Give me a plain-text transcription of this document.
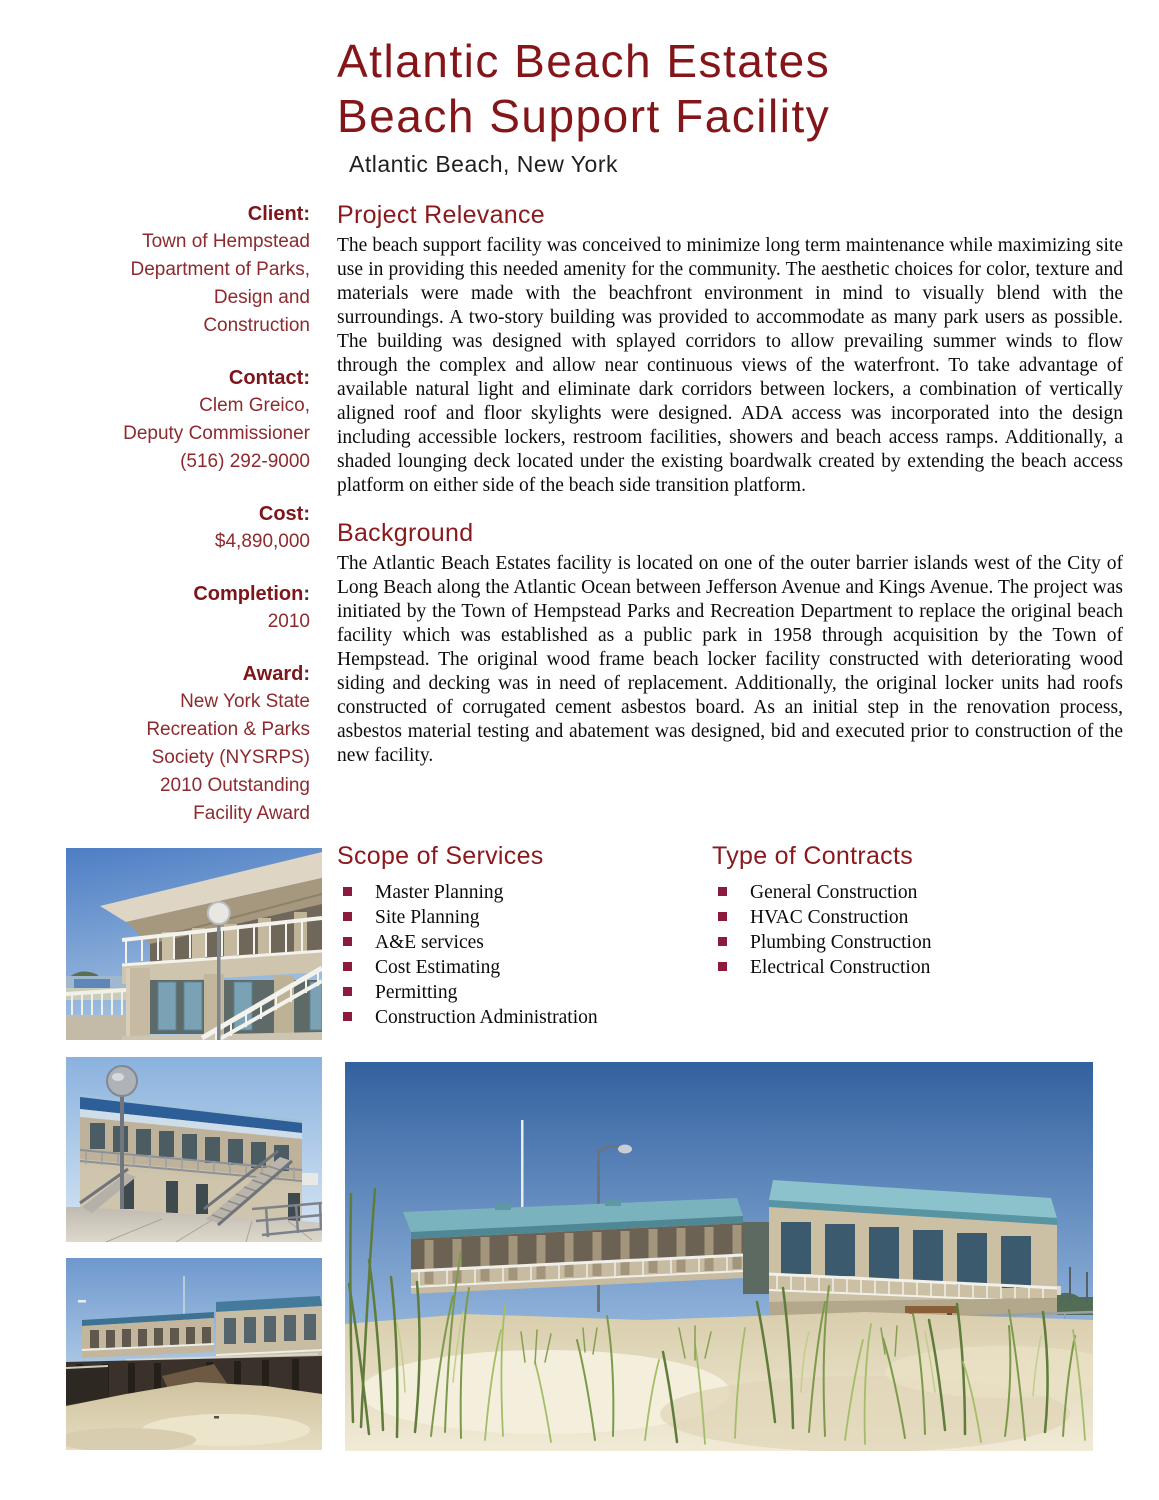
Atlantic Beach Estates
Beach Support Facility
Atlantic Beach, New York
Client:
Town of Hempstead
Department of Parks,
Design and
Construction
Contact:
Clem Greico,
Deputy Commissioner
(516) 292-9000
Cost:
$4,890,000
Completion:
2010
Award:
New York State
Recreation & Parks
Society (NYSRPS)
2010 Outstanding
Facility Award
Project Relevance

The beach support facility was conceived to minimize long term maintenance while maximizing site use in providing this needed amenity for the community. The aesthetic choices for color, texture and materials were made with the beachfront environment in mind to visually blend with the surroundings. A two-story building was provided to accommodate as many park users as possible. The building was designed with splayed corridors to allow prevailing summer winds to flow through the complex and allow near continuous views of the waterfront. To take advantage of available natural light and eliminate dark corridors between lockers, a combination of vertically aligned roof and floor skylights were designed. ADA access was incorporated into the design including accessible lockers, restroom facilities, showers and beach access ramps. Additionally, a shaded lounging deck located under the existing boardwalk created by extending the beach access platform on either side of the beach side transition platform.

Background

The Atlantic Beach Estates facility is located on one of the outer barrier islands west of the City of Long Beach along the Atlantic Ocean between Jefferson Avenue and Kings Avenue. The project was initiated by the Town of Hempstead Parks and Recreation Department to replace the original beach facility which was established as a public park in 1958 through acquisition by the Town of Hempstead. The original wood frame beach locker facility constructed with deteriorating wood siding and decking was in need of replacement. Additionally, the original locker units had roofs constructed of corrugated cement asbestos board. As an initial step in the renovation process, asbestos material testing and abatement was designed, bid and executed prior to construction of the new facility.

Scope of Services
Master Planning
Site Planning
A&E services
Cost Estimating
Permitting
Construction Administration
Type of Contracts
General Construction
HVAC Construction
Plumbing Construction
Electrical Construction
